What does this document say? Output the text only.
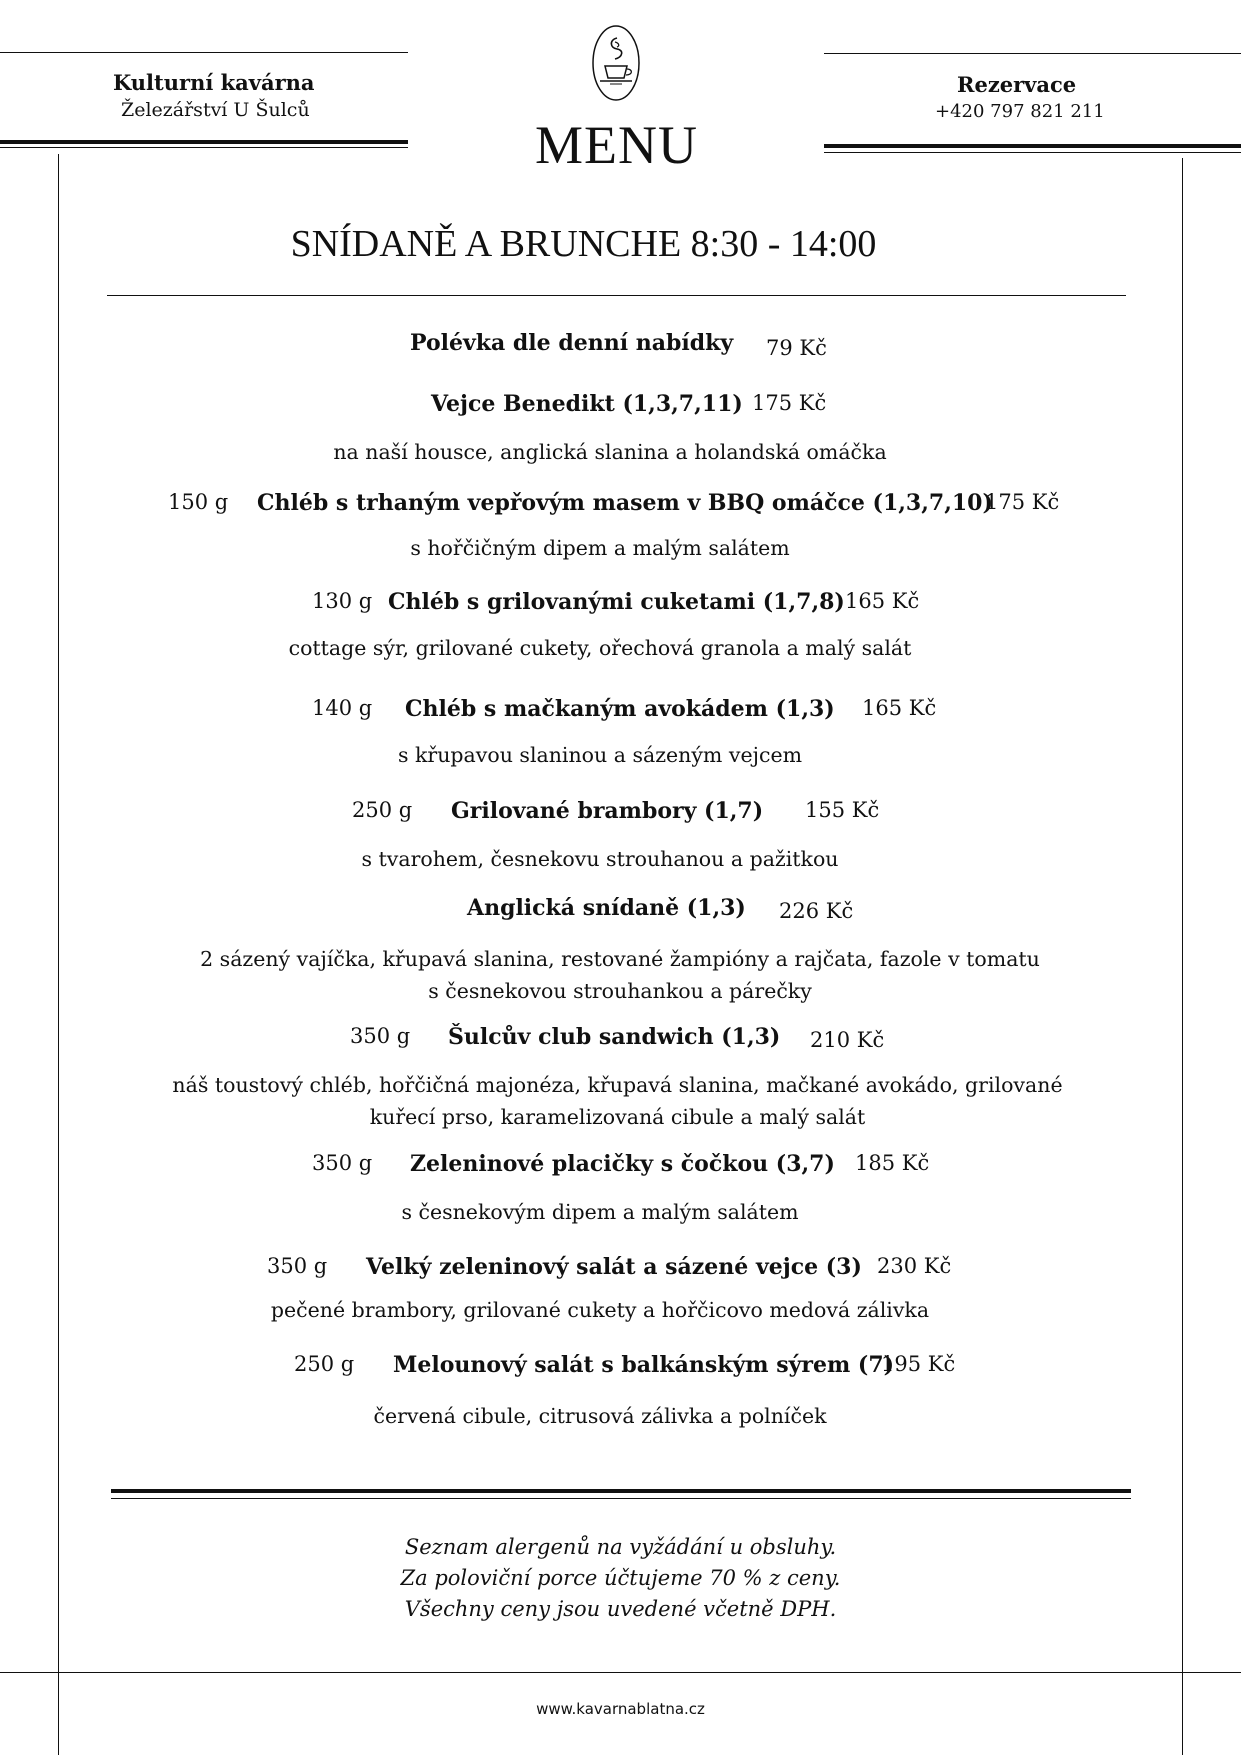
Kulturní kavárna
Železářství U Šulců
MENU
Rezervace
+420 797 821 211
SNÍDANĚ A BRUNCHE 8:30 - 14:00
Polévka dle denní nabídky 79 Kč
Vejce Benedikt (1,3,7,11) 175 Kč
na naší housce, anglická slanina a holandská omáčka
150 g Chléb s trhaným vepřovým masem v BBQ omáčce (1,3,7,10)
175 Kč
s hořčičným dipem a malým salátem
130 g Chléb s grilovanými cuketami (1,7,8) 165 Kč
cottage sýr, grilované cukety, ořechová granola a malý salát
140 g Chléb s mačkaným avokádem (1,3) 165 Kč
s křupavou slaninou a sázeným vejcem
250 g Grilované brambory (1,7) 155 Kč
s tvarohem, česnekovu strouhanou a pažitkou
Anglická snídaně (1,3) 226 Kč
2 sázený vajíčka, křupavá slanina, restované žampióny a rajčata, fazole v tomatu s česnekovou strouhankou a párečky
350 g Šulcův club sandwich (1,3) 210 Kč
náš toustový chléb, hořčičná majonéza, křupavá slanina, mačkané avokádo, grilované kuřecí prso, karamelizovaná cibule a malý salát
350 g Zeleninové placičky s čočkou (3,7) 185 Kč
s česnekovým dipem a malým salátem
350 g Velký zeleninový salát a sázené vejce (3) 230 Kč
pečené brambory, grilované cukety a hořčicovo medová zálivka
250 g Melounový salát s balkánským sýrem (7)
195 Kč
červená cibule, citrusová zálivka a polníček
Seznam alergenů na vyžádání u obsluhy.
Za poloviční porce účtujeme 70 % z ceny.
Všechny ceny jsou uvedené včetně DPH.
www.kavarnablatna.cz
